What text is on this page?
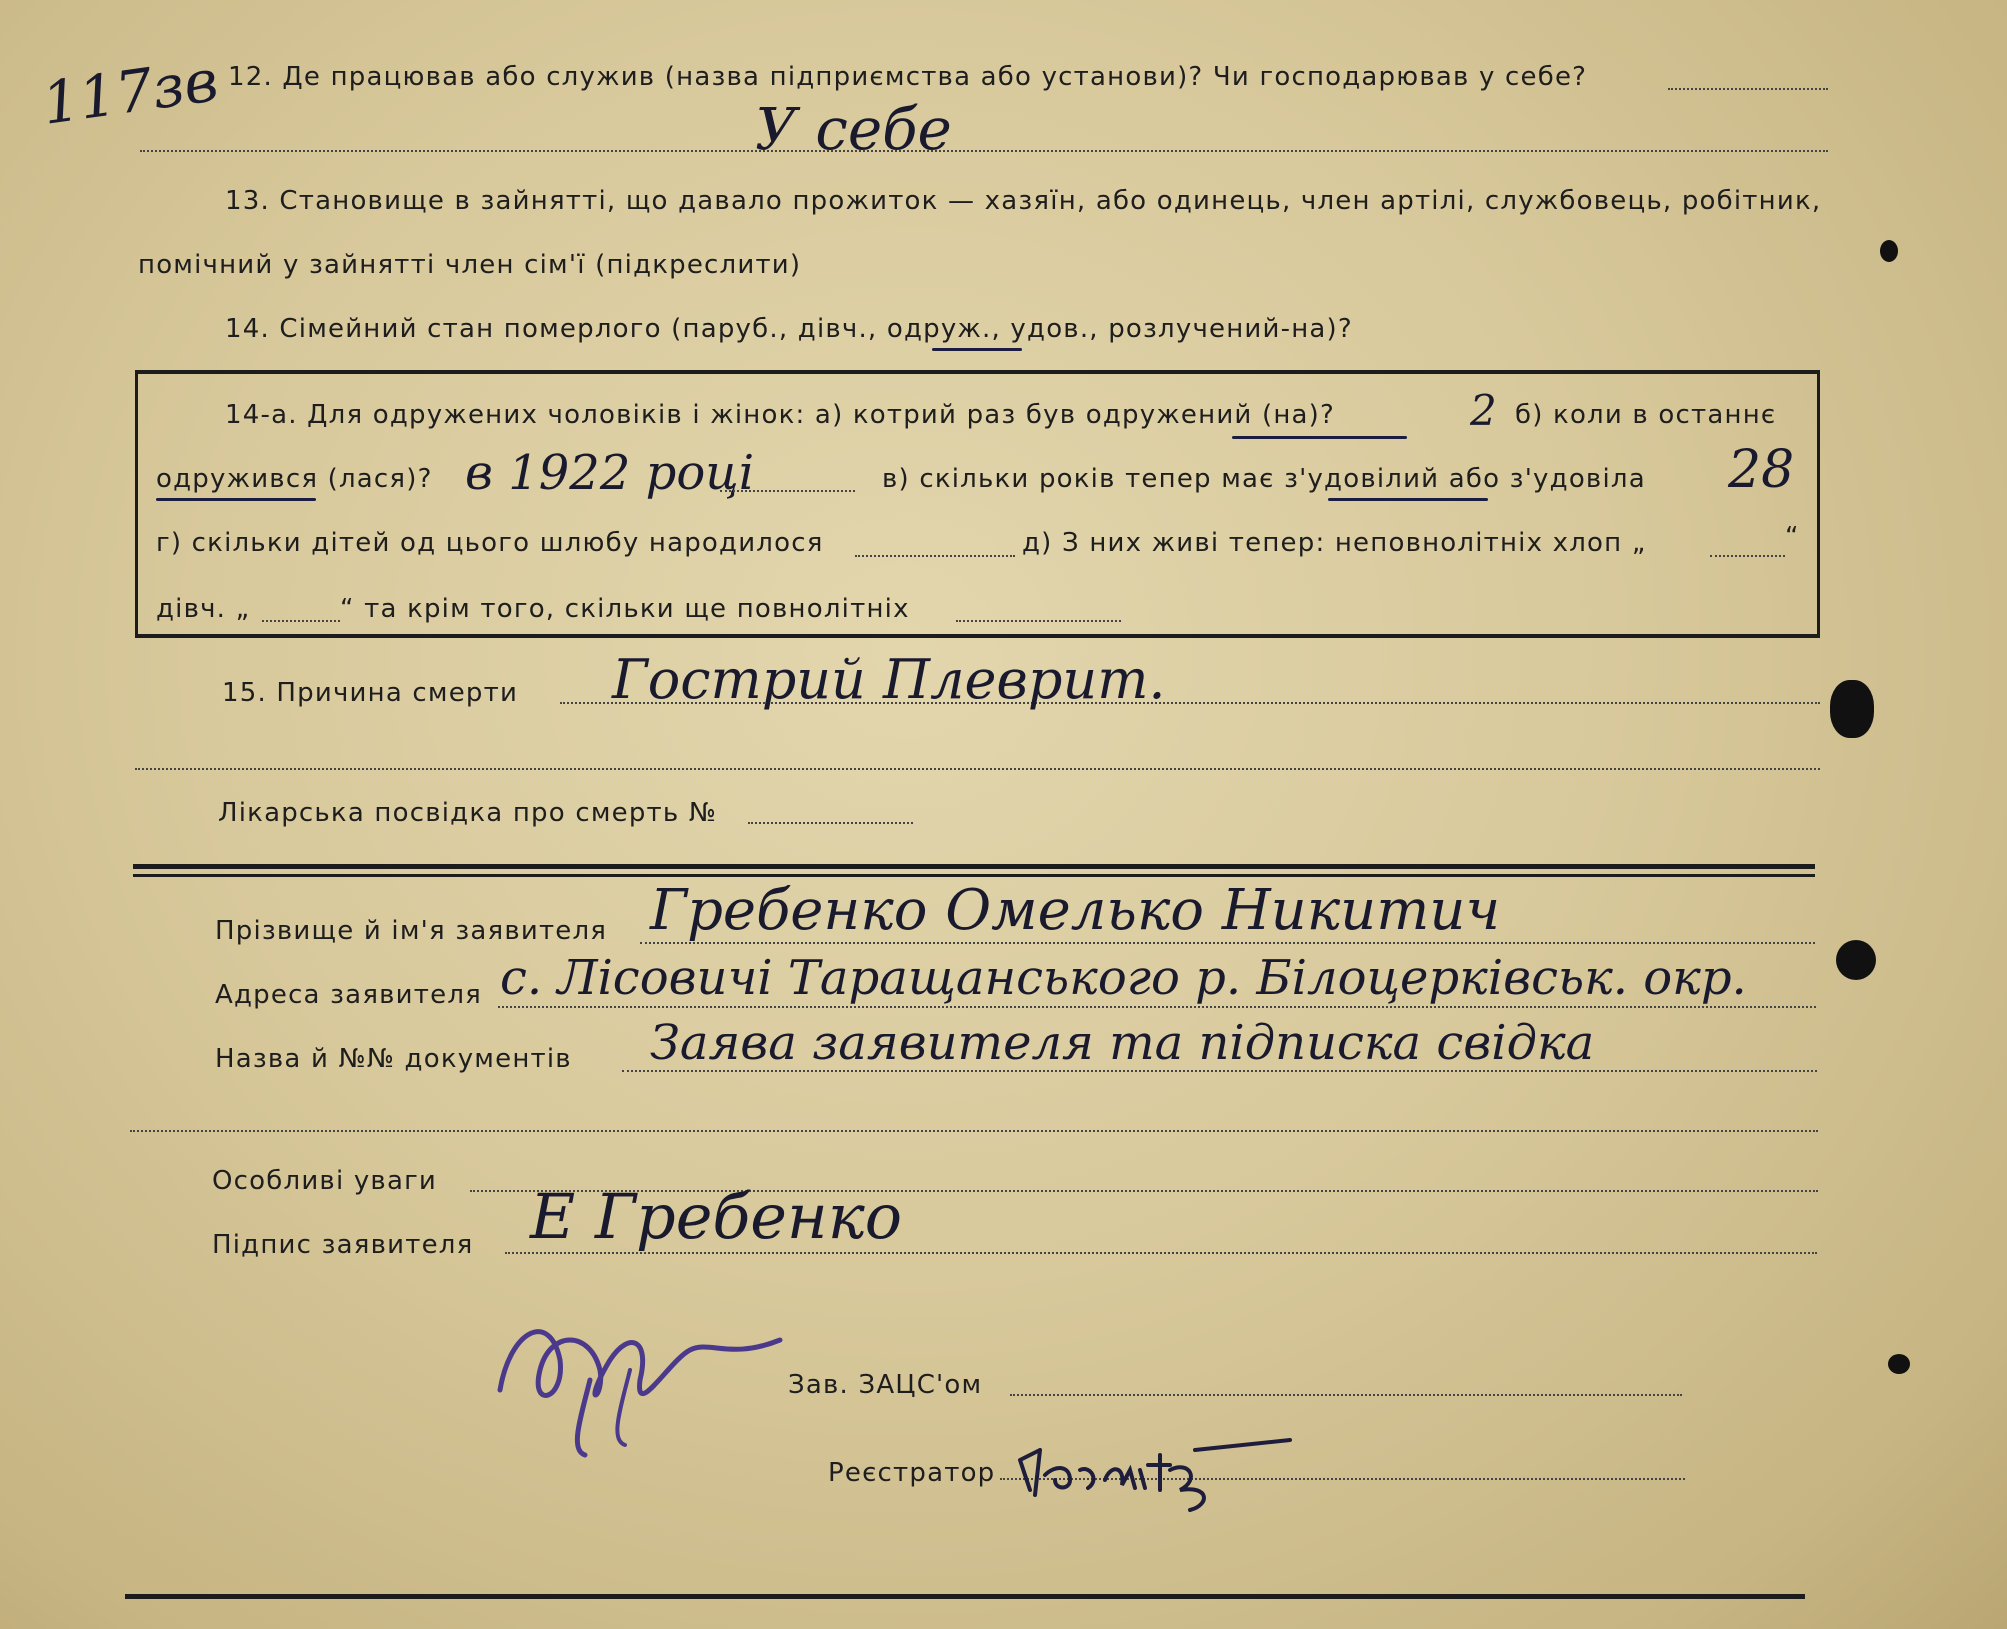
117зв 12. Де працював або служив (назва підприємства або установи)? Чи господарював у себе?
У себе
13. Становище в зайнятті, що давало прожиток — хазяїн, або одинець, член артілі, службовець, робітник,
помічний у зайнятті член сім'ї (підкреслити)
14. Сімейний стан померлого (паруб., дівч., одруж., удов., розлучений-на)?
14-а. Для одружених чоловіків і жінок: а) котрий раз був одружений (на)?	2 б) коли в останнє
одружився (лася)? в 1922 році	в) скільки років тепер має з'удовілий або з'удовіла 28
г) скільки дітей од цього шлюбу народилося	д) З них живі тепер: неповнолітніх хлоп „	“
дівч. „	“ та крім того, скільки ще повнолітніх
15. Причина смерти Гострий Плеврит.
Лікарська посвідка про смерть №
Прізвище й ім'я заявителя Гребенко Омелько Никитич
Адреса заявителя с. Лісовичі Таращанського р. Білоцерківськ. окр.
Назва й №№ документів Заява заявителя та підписка свідка
Особливі уваги
Підпис заявителя Е Гребенко
Зав. ЗАЦС'ом
Реєстратор
